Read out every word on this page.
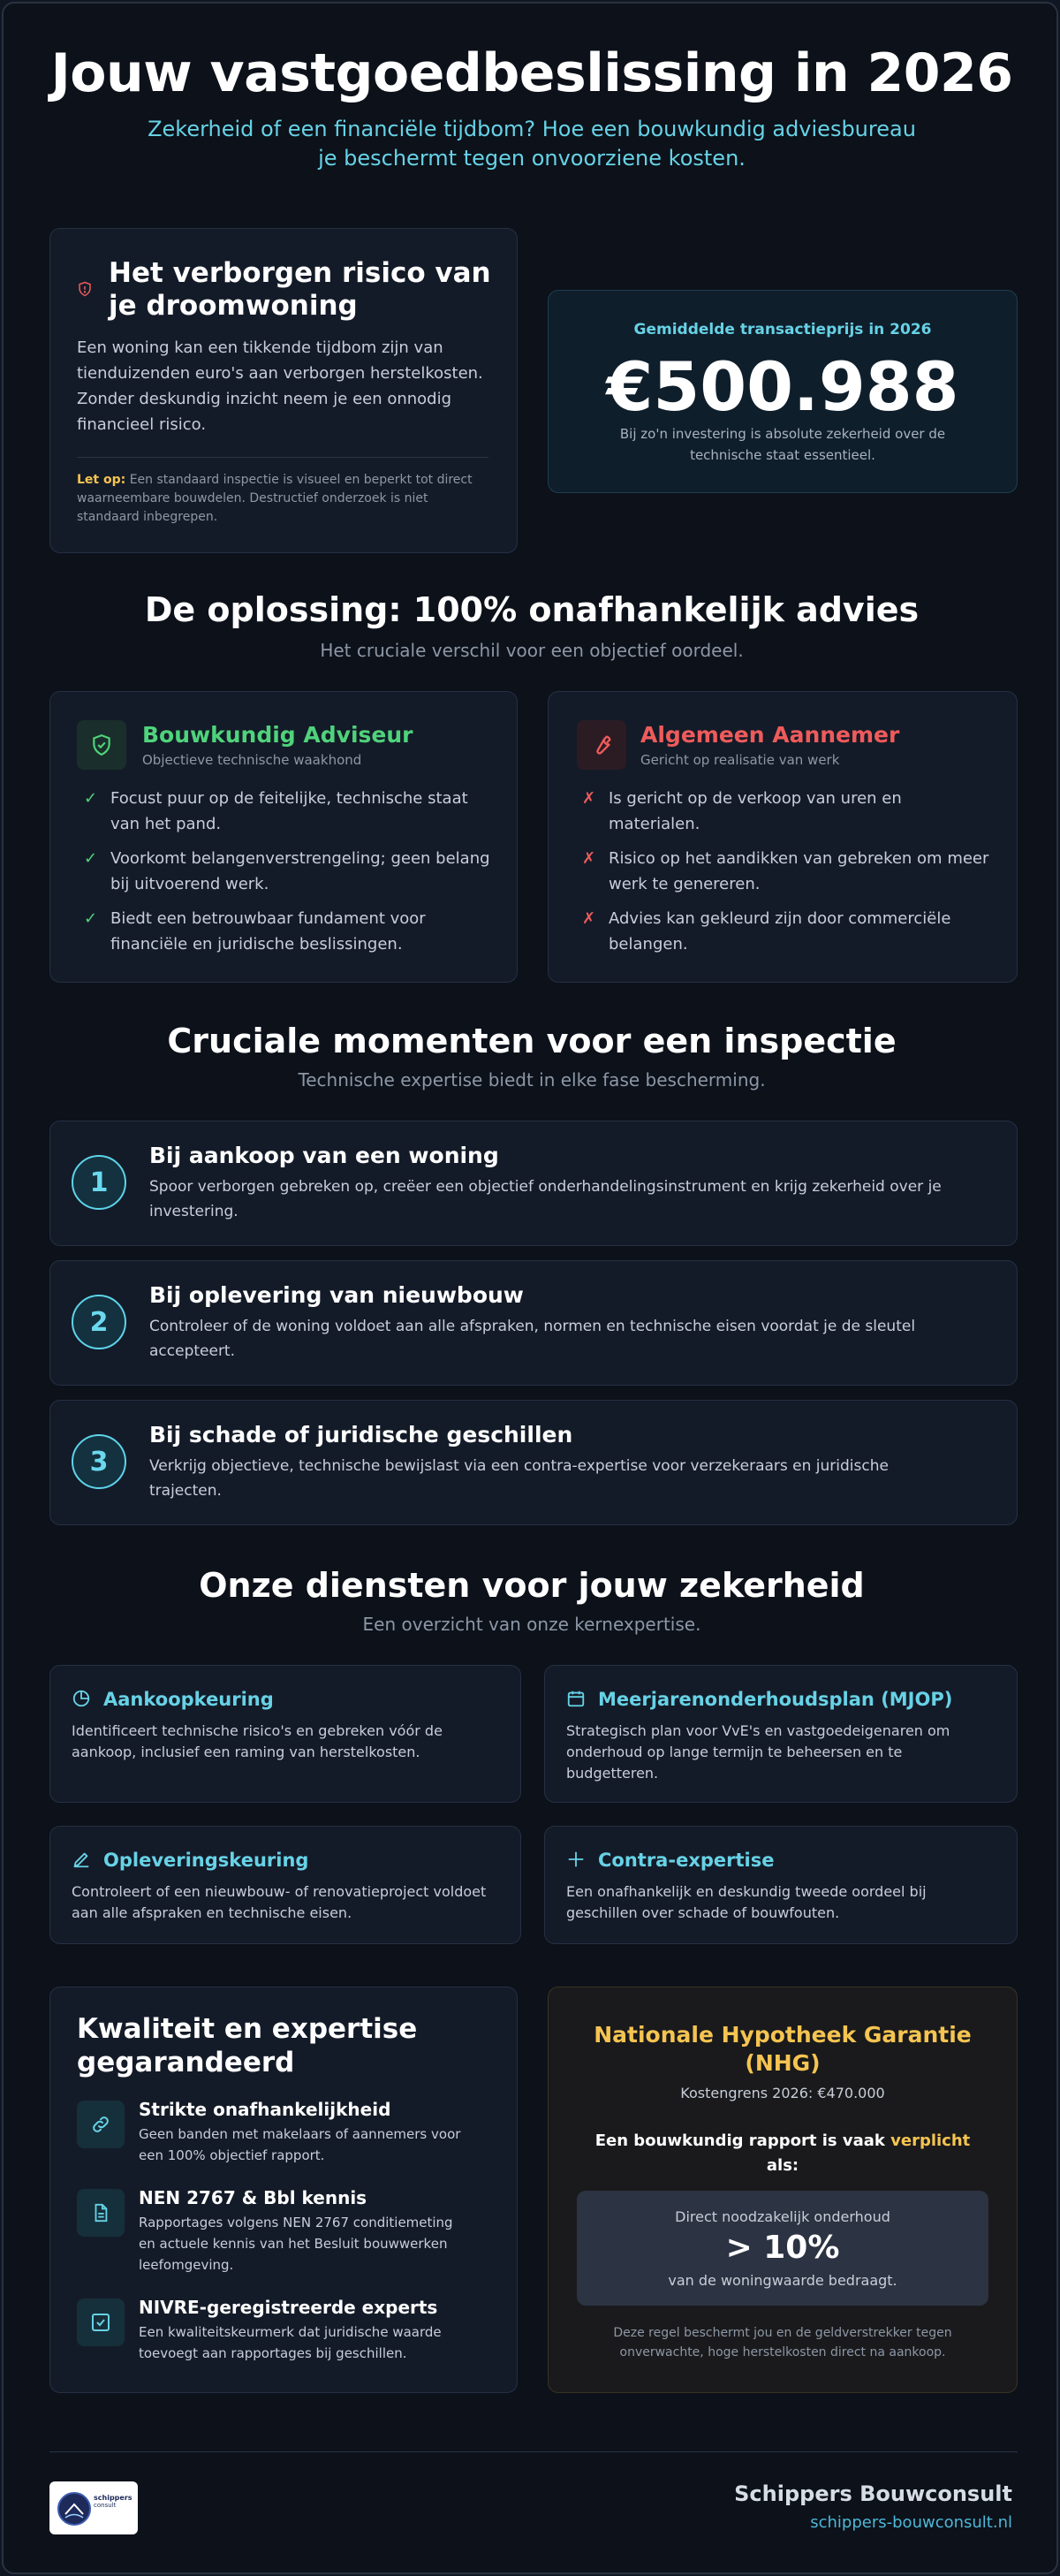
Jouw vastgoedbeslissing in 2026
Zekerheid of een financiële tijdbom? Hoe een bouwkundig adviesbureau
je beschermt tegen onvoorziene kosten.
Het verborgen risico van
je droomwoning
Een woning kan een tikkende tijdbom zijn van
tienduizenden euro's aan verborgen herstelkosten.
Zonder deskundig inzicht neem je een onnodig
financieel risico.
Let op: Een standaard inspectie is visueel en beperkt tot direct
waarneembare bouwdelen. Destructief onderzoek is niet
standaard inbegrepen.
Gemiddelde transactieprijs in 2026
€500.988
Bij zo'n investering is absolute zekerheid over de
technische staat essentieel.
De oplossing: 100% onafhankelijk advies
Het cruciale verschil voor een objectief oordeel.
Bouwkundig Adviseur
Objectieve technische waakhond
✓ Focust puur op de feitelijke, technische staat
van het pand.
✓ Voorkomt belangenverstrengeling; geen belang
bij uitvoerend werk.
✓ Biedt een betrouwbaar fundament voor
financiële en juridische beslissingen.
Algemeen Aannemer
Gericht op realisatie van werk
✗ Is gericht op de verkoop van uren en
materialen.
✗ Risico op het aandikken van gebreken om meer
werk te genereren.
✗ Advies kan gekleurd zijn door commerciële
belangen.
Cruciale momenten voor een inspectie
Technische expertise biedt in elke fase bescherming.
1
Bij aankoop van een woning
Spoor verborgen gebreken op, creëer een objectief onderhandelingsinstrument en krijg zekerheid over je
investering.
2
Bij oplevering van nieuwbouw
Controleer of de woning voldoet aan alle afspraken, normen en technische eisen voordat je de sleutel
accepteert.
3
Bij schade of juridische geschillen
Verkrijg objectieve, technische bewijslast via een contra-expertise voor verzekeraars en juridische
trajecten.
Onze diensten voor jouw zekerheid
Een overzicht van onze kernexpertise.
Aankoopkeuring
Identificeert technische risico's en gebreken vóór de
aankoop, inclusief een raming van herstelkosten.
Meerjarenonderhoudsplan (MJOP)
Strategisch plan voor VvE's en vastgoedeigenaren om
onderhoud op lange termijn te beheersen en te
budgetteren.
Opleveringskeuring
Controleert of een nieuwbouw- of renovatieproject voldoet
aan alle afspraken en technische eisen.
Contra-expertise
Een onafhankelijk en deskundig tweede oordeel bij
geschillen over schade of bouwfouten.
Kwaliteit en expertise
gegarandeerd
Strikte onafhankelijkheid
Geen banden met makelaars of aannemers voor
een 100% objectief rapport.
NEN 2767 & Bbl kennis
Rapportages volgens NEN 2767 conditiemeting
en actuele kennis van het Besluit bouwwerken
leefomgeving.
NIVRE-geregistreerde experts
Een kwaliteitskeurmerk dat juridische waarde
toevoegt aan rapportages bij geschillen.
Nationale Hypotheek Garantie
(NHG)
Kostengrens 2026: €470.000
Een bouwkundig rapport is vaak verplicht
als:
Direct noodzakelijk onderhoud
> 10%
van de woningwaarde bedraagt.
Deze regel beschermt jou en de geldverstrekker tegen
onverwachte, hoge herstelkosten direct na aankoop.
schippers
consult	Schippers Bouwconsult
schippers-bouwconsult.nl
